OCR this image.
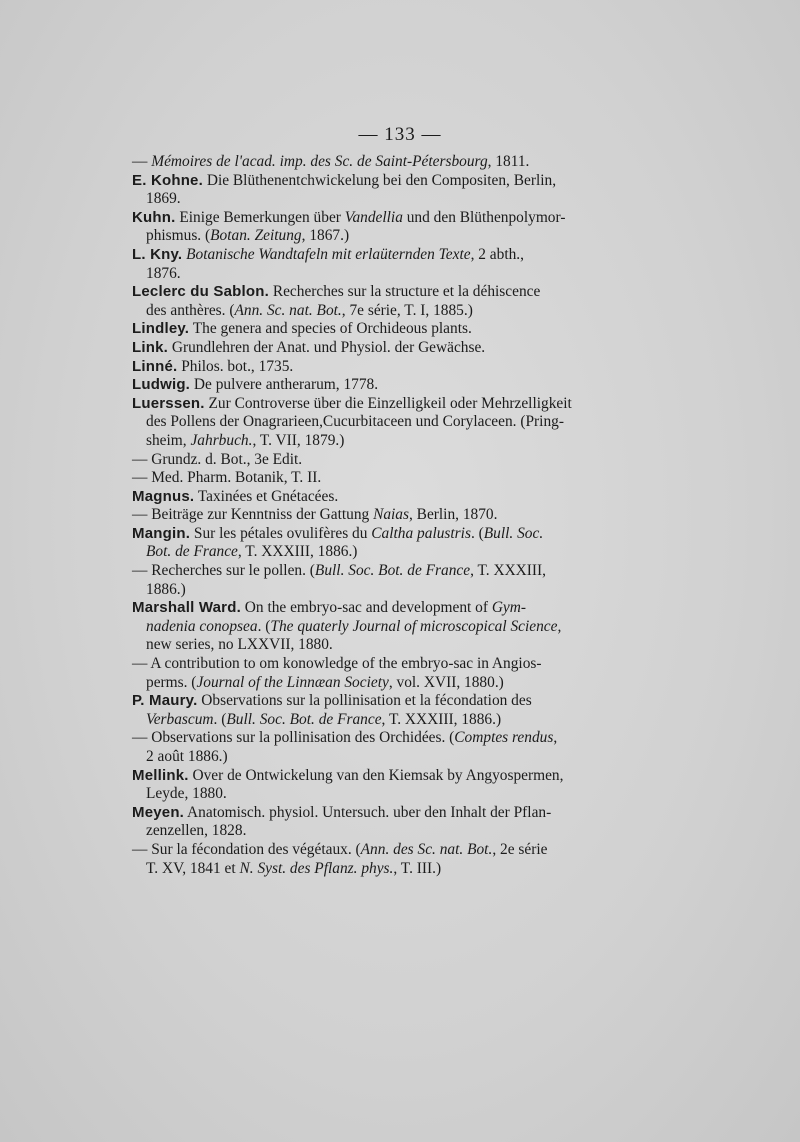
— 133 —
— Mémoires de l'acad. imp. des Sc. de Saint-Pétersbourg, 1811.
E. Kohne. Die Blüthenentchwickelung bei den Compositen, Berlin,
1869.
Kuhn. Einige Bemerkungen über Vandellia und den Blüthenpolymor-
phismus. (Botan. Zeitung, 1867.)
L. Kny. Botanische Wandtafeln mit erlaüternden Texte, 2 abth.,
1876.
Leclerc du Sablon. Recherches sur la structure et la déhiscence
des anthères. (Ann. Sc. nat. Bot., 7e série, T. I, 1885.)
Lindley. The genera and species of Orchideous plants.
Link. Grundlehren der Anat. und Physiol. der Gewächse.
Linné. Philos. bot., 1735.
Ludwig. De pulvere antherarum, 1778.
Luerssen. Zur Controverse über die Einzelligkeil oder Mehrzelligkeit
des Pollens der Onagrarieen,Cucurbitaceen und Corylaceen. (Pring-
sheim, Jahrbuch., T. VII, 1879.)
— Grundz. d. Bot., 3e Edit.
— Med. Pharm. Botanik, T. II.
Magnus. Taxinées et Gnétacées.
— Beiträge zur Kenntniss der Gattung Naias, Berlin, 1870.
Mangin. Sur les pétales ovulifères du Caltha palustris. (Bull. Soc.
Bot. de France, T. XXXIII, 1886.)
— Recherches sur le pollen. (Bull. Soc. Bot. de France, T. XXXIII,
1886.)
Marshall Ward. On the embryo-sac and development of Gym-
nadenia conopsea. (The quaterly Journal of microscopical Science,
new series, no LXXVII, 1880.
— A contribution to om konowledge of the embryo-sac in Angios-
perms. (Journal of the Linnæan Society, vol. XVII, 1880.)
P. Maury. Observations sur la pollinisation et la fécondation des
Verbascum. (Bull. Soc. Bot. de France, T. XXXIII, 1886.)
— Observations sur la pollinisation des Orchidées. (Comptes rendus,
2 août 1886.)
Mellink. Over de Ontwickelung van den Kiemsak by Angyospermen,
Leyde, 1880.
Meyen. Anatomisch. physiol. Untersuch. uber den Inhalt der Pflan-
zenzellen, 1828.
— Sur la fécondation des végétaux. (Ann. des Sc. nat. Bot., 2e série
T. XV, 1841 et N. Syst. des Pflanz. phys., T. III.)
